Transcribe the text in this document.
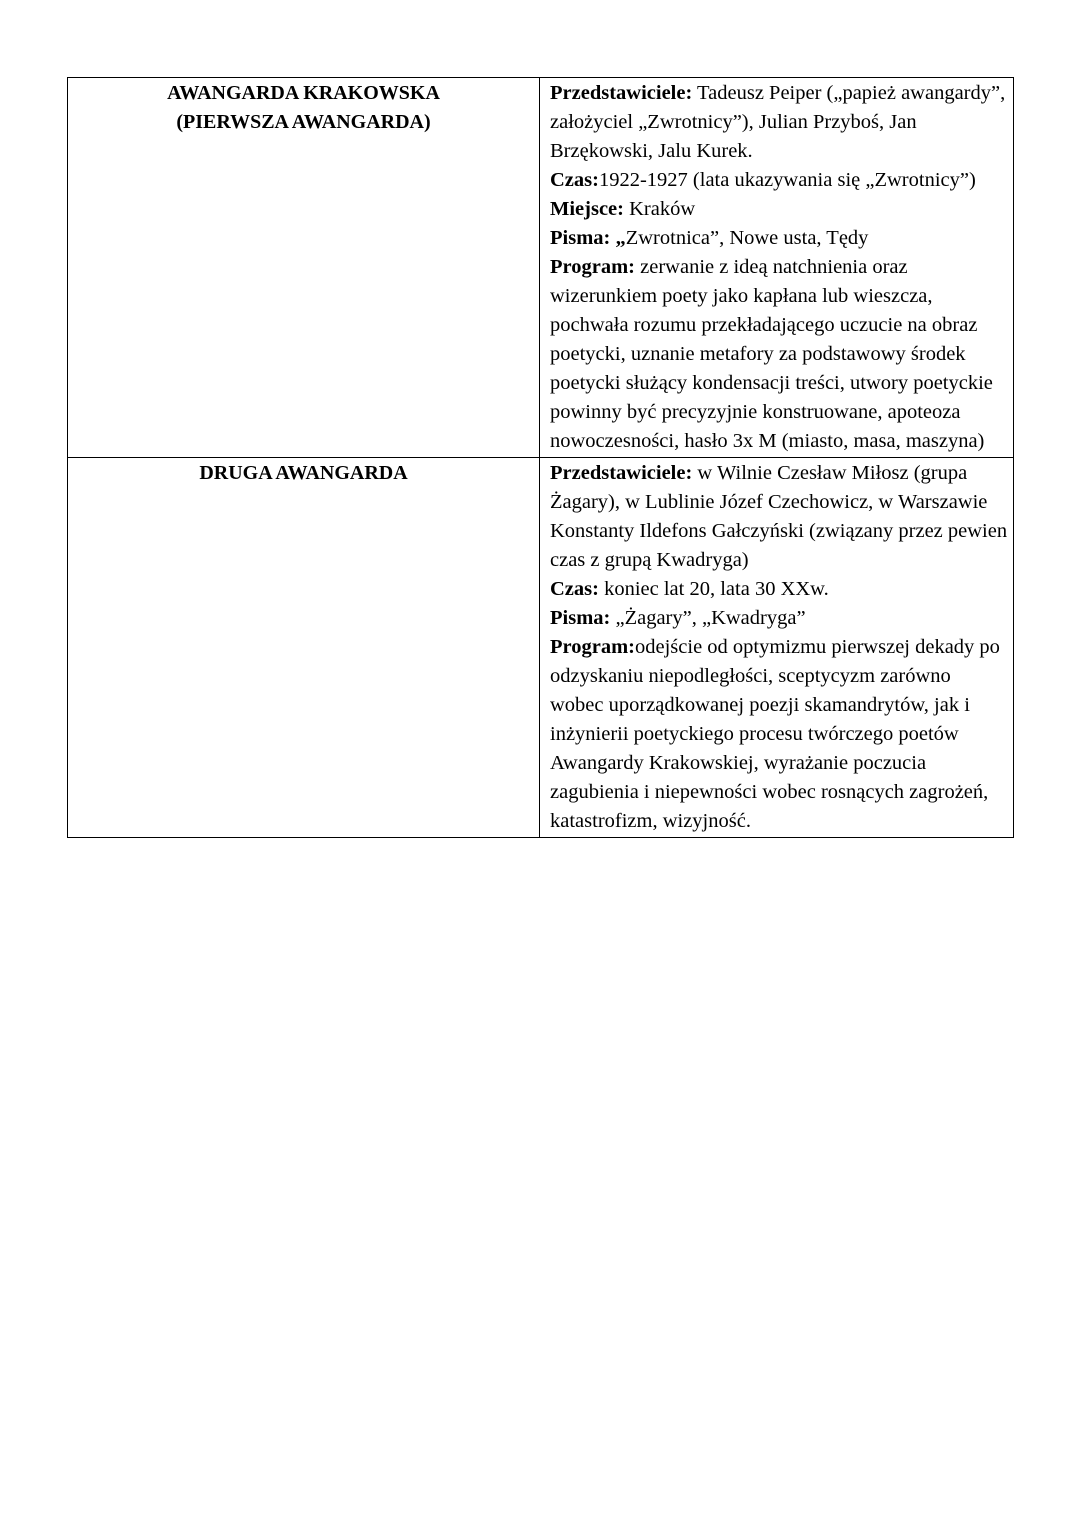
AWANGARDA KRAKOWSKA
(PIERWSZA AWANGARDA)	Przedstawiciele: Tadeusz Peiper („papież awangardy”, założyciel „Zwrotnicy”), Julian Przyboś, Jan Brzękowski, Jalu Kurek.
Czas:1922-1927 (lata ukazywania się „Zwrotnicy”)
Miejsce: Kraków
Pisma: „Zwrotnica”, Nowe usta, Tędy
Program: zerwanie z ideą natchnienia oraz wizerunkiem poety jako kapłana lub wieszcza, pochwała rozumu przekładającego uczucie na obraz poetycki, uznanie metafory za podstawowy środek poetycki służący kondensacji treści, utwory poetyckie powinny być precyzyjnie konstruowane, apoteoza nowoczesności, hasło 3x M (miasto, masa, maszyna)

DRUGA AWANGARDA	Przedstawiciele: w Wilnie Czesław Miłosz (grupa Żagary), w Lublinie Józef Czechowicz, w Warszawie Konstanty Ildefons Gałczyński (związany przez pewien czas z grupą Kwadryga)
Czas: koniec lat 20, lata 30 XXw.
Pisma: „Żagary”, „Kwadryga”
Program:odejście od optymizmu pierwszej dekady po odzyskaniu niepodległości, sceptycyzm zarówno wobec uporządkowanej poezji skamandrytów, jak i inżynierii poetyckiego procesu twórczego poetów Awangardy Krakowskiej, wyrażanie poczucia zagubienia i niepewności wobec rosnących zagrożeń, katastrofizm, wizyjność.
